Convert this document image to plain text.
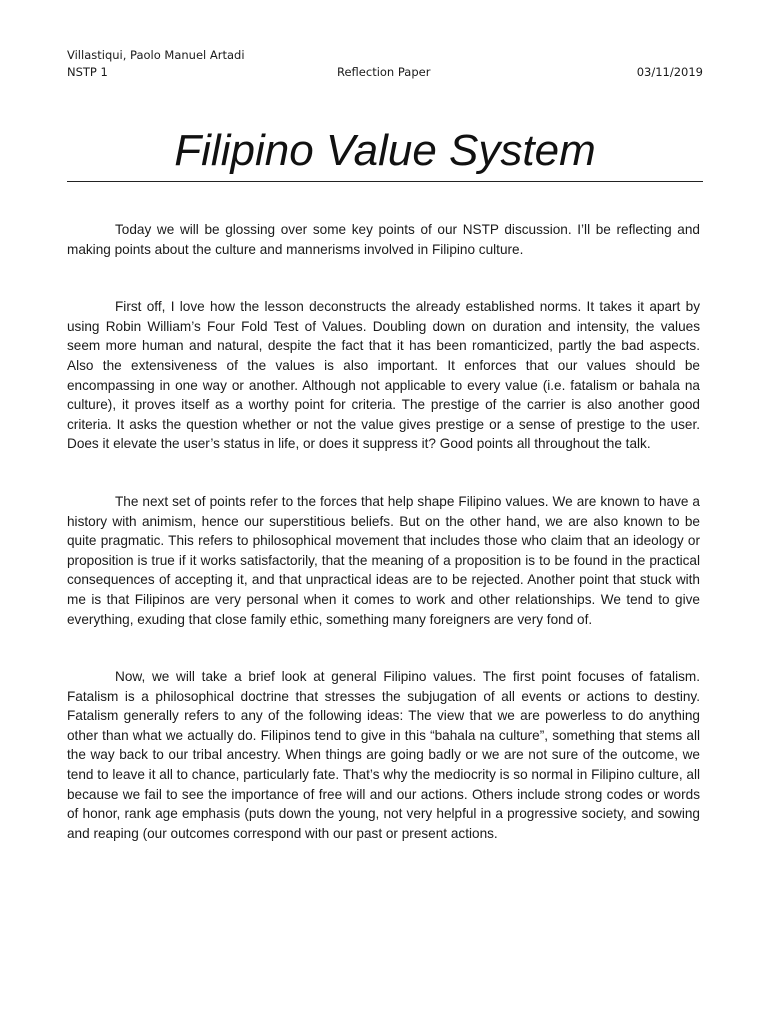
Villastiqui, Paolo Manuel Artadi
NSTP 1	Reflection Paper	03/11/2019
Filipino Value System

Today we will be glossing over some key points of our NSTP discussion. I’ll be reflecting and making points about the culture and mannerisms involved in Filipino culture.

First off, I love how the lesson deconstructs the already established norms. It takes it apart by using Robin William’s Four Fold Test of Values. Doubling down on duration and intensity, the values seem more human and natural, despite the fact that it has been romanticized, partly the bad aspects. Also the extensiveness of the values is also important. It enforces that our values should be encompassing in one way or another. Although not applicable to every value (i.e. fatalism or bahala na culture), it proves itself as a worthy point for criteria. The prestige of the carrier is also another good criteria. It asks the question whether or not the value gives prestige or a sense of prestige to the user. Does it elevate the user’s status in life, or does it suppress it? Good points all throughout the talk.

The next set of points refer to the forces that help shape Filipino values. We are known to have a history with animism, hence our superstitious beliefs. But on the other hand, we are also known to be quite pragmatic. This refers to philosophical movement that includes those who claim that an ideology or proposition is true if it works satisfactorily, that the meaning of a proposition is to be found in the practical consequences of accepting it, and that unpractical ideas are to be rejected. Another point that stuck with me is that Filipinos are very personal when it comes to work and other relationships. We tend to give everything, exuding that close family ethic, something many foreigners are very fond of.

Now, we will take a brief look at general Filipino values. The first point focuses of fatalism. Fatalism is a philosophical doctrine that stresses the subjugation of all events or actions to destiny. Fatalism generally refers to any of the following ideas: The view that we are powerless to do anything other than what we actually do. Filipinos tend to give in this “bahala na culture”, something that stems all the way back to our tribal ancestry. When things are going badly or we are not sure of the outcome, we tend to leave it all to chance, particularly fate. That’s why the mediocrity is so normal in Filipino culture, all because we fail to see the importance of free will and our actions. Others include strong codes or words of honor, rank age emphasis (puts down the young, not very helpful in a progressive society, and sowing and reaping (our outcomes correspond with our past or present actions.
